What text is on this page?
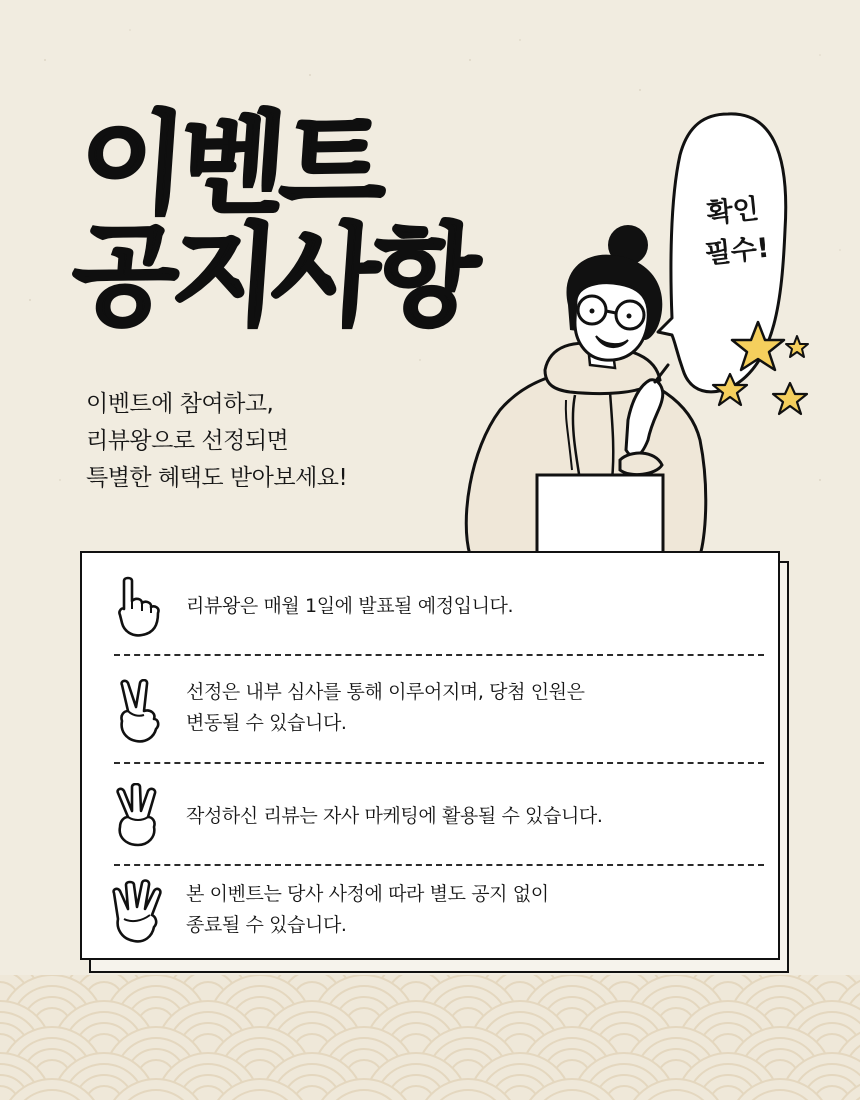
이벤트
공지사항

이벤트에 참여하고,
리뷰왕으로 선정되면
특별한 혜택도 받아보세요!

확인
필수!

리뷰왕은 매월 1일에 발표될 예정입니다.

선정은 내부 심사를 통해 이루어지며, 당첨 인원은
변동될 수 있습니다.

작성하신 리뷰는 자사 마케팅에 활용될 수 있습니다.

본 이벤트는 당사 사정에 따라 별도 공지 없이
종료될 수 있습니다.
